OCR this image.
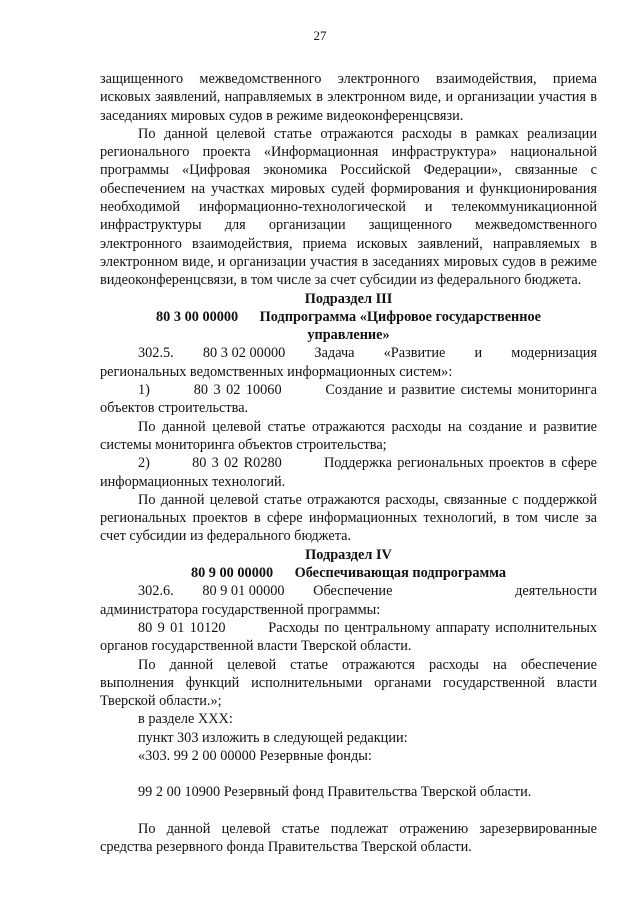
27

защищенного межведомственного электронного взаимодействия, приема исковых заявлений, направляемых в электронном виде, и организации участия в заседаниях мировых судов в режиме видеоконференцсвязи.

По данной целевой статье отражаются расходы в рамках реализации регионального проекта «Информационная инфраструктура» национальной программы «Цифровая экономика Российской Федерации», связанные с обеспечением на участках мировых судей формирования и функционирования необходимой информационно-технологической и телекоммуникационной инфраструктуры для организации защищенного межведомственного электронного взаимодействия, приема исковых заявлений, направляемых в электронном виде, и организации участия в заседаниях мировых судов в режиме видеоконференцсвязи, в том числе за счет субсидии из федерального бюджета.

Подраздел III

80 3 00 00000      Подпрограмма «Цифровое государственное

управление»

302.5.        80 3 02 00000        Задача        «Развитие        и        модернизация региональных ведомственных информационных систем»:

1)        80 3 02 10060        Создание и развитие системы мониторинга объектов строительства.

По данной целевой статье отражаются расходы на создание и развитие системы мониторинга объектов строительства;

2)        80 3 02 R0280        Поддержка региональных проектов в сфере информационных технологий.

По данной целевой статье отражаются расходы, связанные с поддержкой региональных проектов в сфере информационных технологий, в том числе за счет субсидии из федерального бюджета.

Подраздел IV

80 9 00 00000      Обеспечивающая подпрограмма

302.6.        80 9 01 00000        Обеспечение	деятельности

администратора государственной программы:

80 9 01 10120        Расходы по центральному аппарату исполнительных органов государственной власти Тверской области.

По данной целевой статье отражаются расходы на обеспечение выполнения функций исполнительными органами государственной власти Тверской области.»;

в разделе XXX:

пункт 303 изложить в следующей редакции:

«303. 99 2 00 00000 Резервные фонды:

99 2 00 10900 Резервный фонд Правительства Тверской области.

По данной целевой статье подлежат отражению зарезервированные средства резервного фонда Правительства Тверской области.
